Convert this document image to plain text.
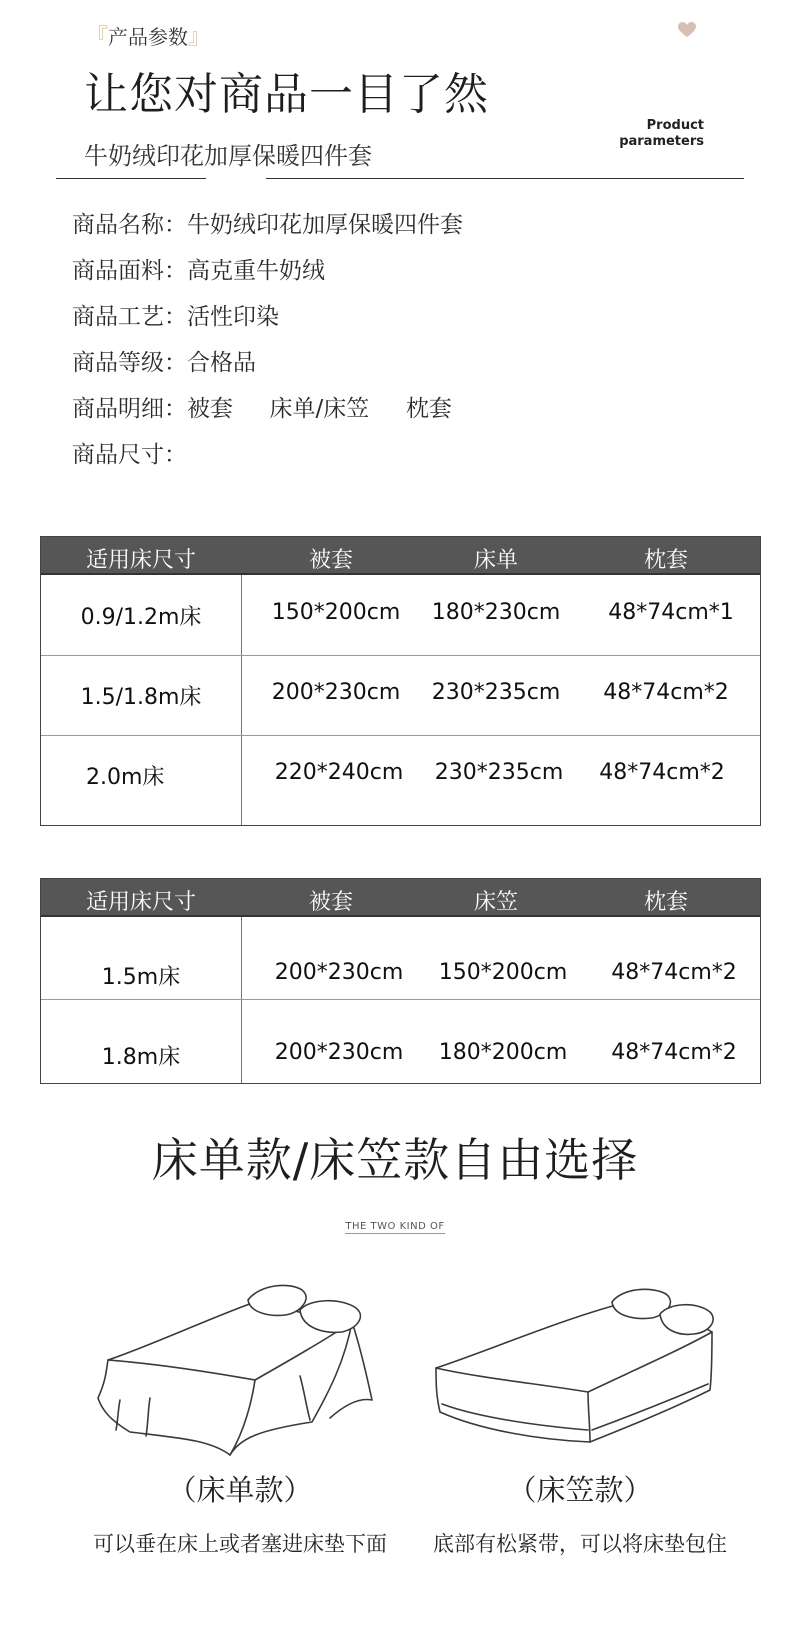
『产品参数』
让您对商品一目了然
牛奶绒印花加厚保暖四件套
Product
parameters
商品名称：牛奶绒印花加厚保暖四件套
商品面料：高克重牛奶绒
商品工艺：活性印染
商品等级：合格品
商品明细：被套     床单/床笠     枕套
商品尺寸：
适用床尺寸	被套	床单	枕套
0.9/1.2m床	150*200cm	180*230cm	48*74cm*1
1.5/1.8m床	200*230cm	230*235cm	48*74cm*2
2.0m床	220*240cm	230*235cm	48*74cm*2
适用床尺寸	被套	床笠	枕套
1.5m床	200*230cm	150*200cm	48*74cm*2
1.8m床	200*230cm	180*200cm	48*74cm*2
床单款/床笠款自由选择
THE TWO KIND OF
（床单款）
可以垂在床上或者塞进床垫下面
（床笠款）
底部有松紧带，可以将床垫包住
